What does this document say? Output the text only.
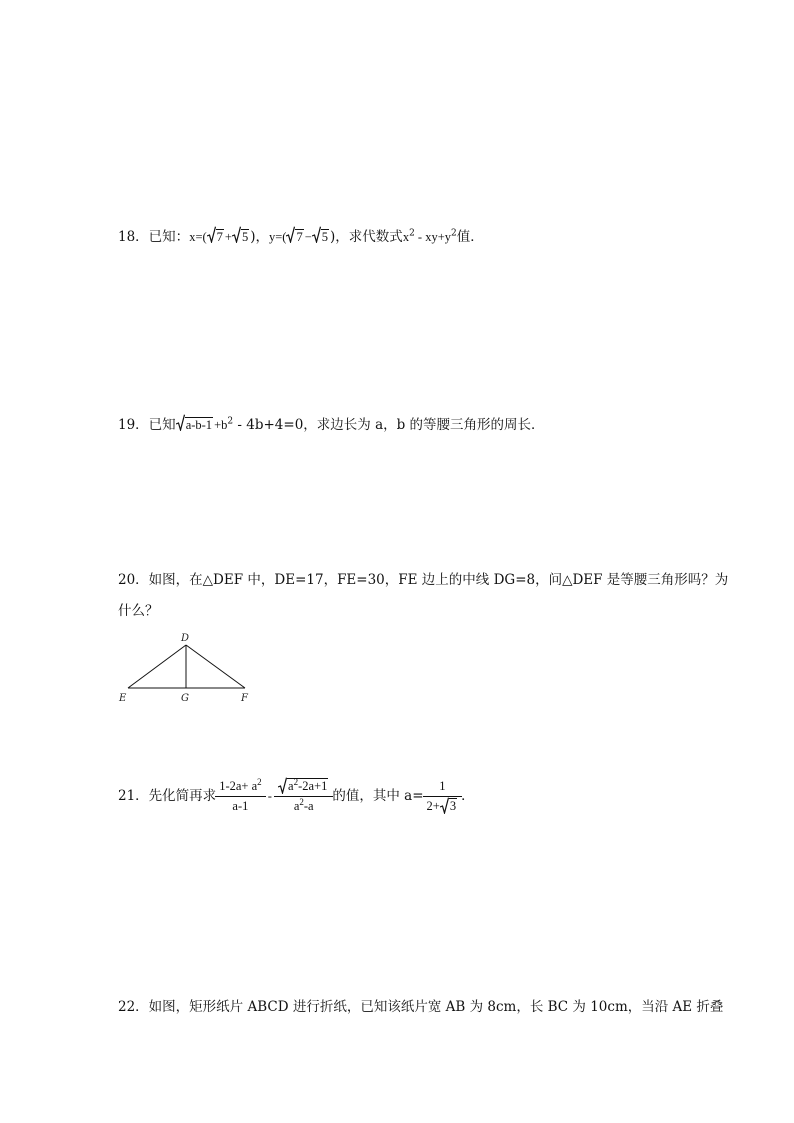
18．已知：x=( 7 + 5 )，y=( 7 − 5 )，求代数式$x^2 - xy+y^2$值．
19．已知 $a-b-1 +b^2 - 4b+4=0$，求边长为 a，b 的等腰三角形的周长．
20．如图，在△DEF 中，DE=17，FE=30，FE 边上的中线 DG=8，问△DEF 是等腰三角形吗？为
什么？
D
E	G	F
21．先化简再求 $\frac{1-2a+ a^2}{a-1} - \frac{a^2-2a+1}{a^2-a}$ 的值，其中 $a= \frac{1}{2+ 3}$ ．
22．如图，矩形纸片 ABCD 进行折纸，已知该纸片宽 AB 为 8cm，长 BC 为 10cm，当沿 AE 折叠
